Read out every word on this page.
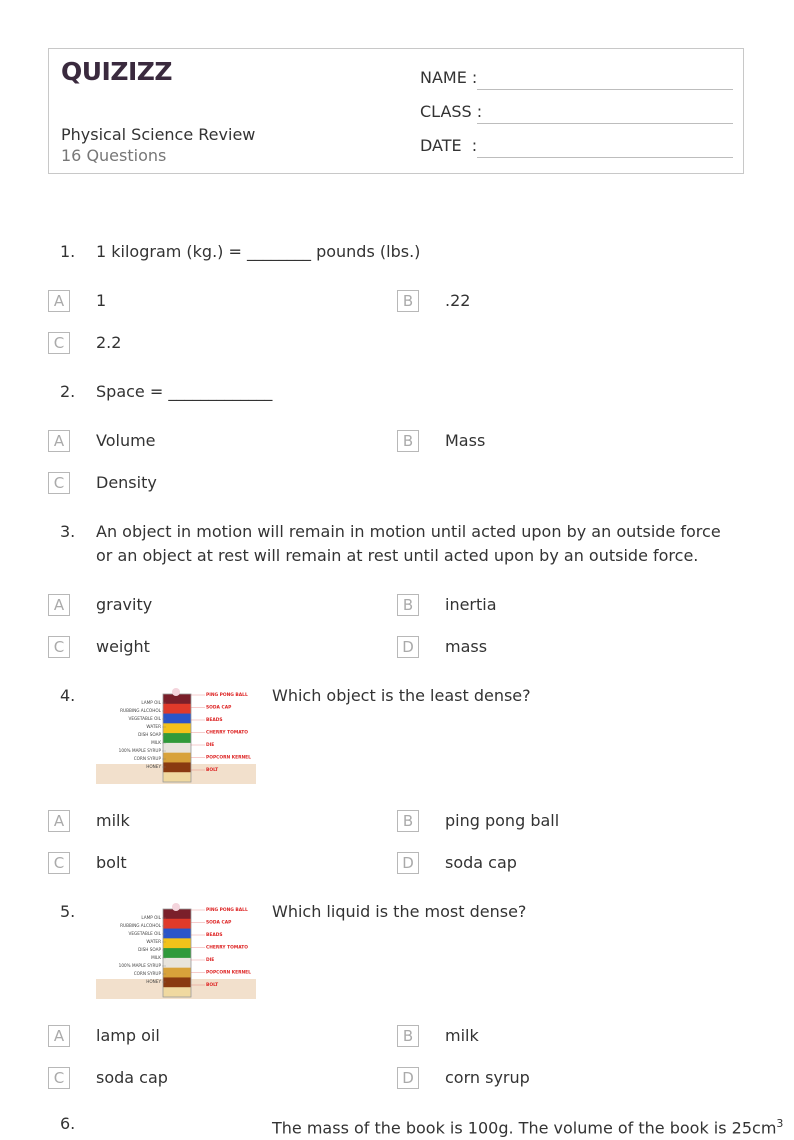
QUIZIZZ
Physical Science Review
16 Questions
NAME :
CLASS :
DATE  :
1. 1 kilogram (kg.) = ________ pounds (lbs.)
A	1	B	.22
C	2.2
2. Space = _____________
A	Volume	B	Mass
C	Density
3. An object in motion will remain in motion until acted upon by an outside force or an object at rest will remain at rest until acted upon by an outside force.
A	gravity	B	inertia
C	weight	D	mass
4.	LAMP OIL
RUBBING ALCOHOL
VEGETABLE OIL
WATER
DISH SOAP
MILK
100% MAPLE SYRUP
CORN SYRUP
HONEY
PING PONG BALL
SODA CAP
BEADS
CHERRY TOMATO
DIE
POPCORN KERNEL
BOLT
Which object is the least dense?
A	milk	B	ping pong ball
C	bolt	D	soda cap
5.	LAMP OIL
RUBBING ALCOHOL
VEGETABLE OIL
WATER
DISH SOAP
MILK
100% MAPLE SYRUP
CORN SYRUP
HONEY
PING PONG BALL
SODA CAP
BEADS
CHERRY TOMATO
DIE
POPCORN KERNEL
BOLT
Which liquid is the most dense?
A	lamp oil	B	milk
C	soda cap	D	corn syrup
6.	The mass of the book is 100g. The volume of the book is $25cm^3$
